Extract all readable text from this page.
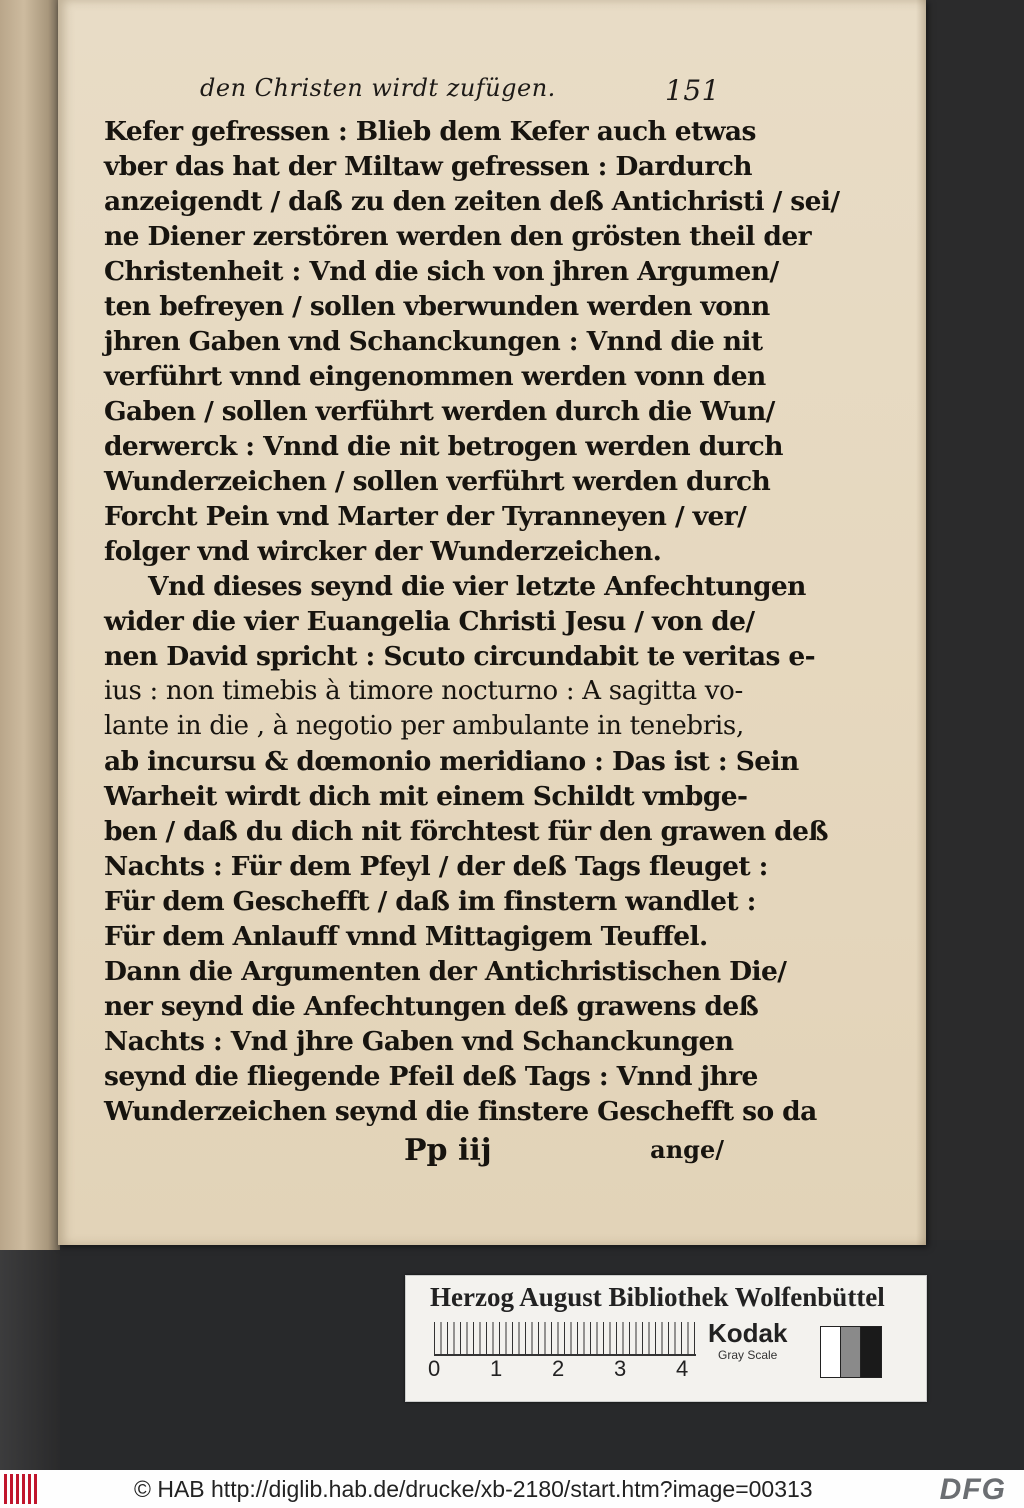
den Christen wirdt zufügen.	151
Kefer gefressen : Blieb dem Kefer auch etwas
vber das hat der Miltaw gefressen : Dardurch
anzeigendt / daß zu den zeiten deß Antichristi / sei/
ne Diener zerstören werden den grösten theil der
Christenheit : Vnd die sich von jhren Argumen/
ten befreyen / sollen vberwunden werden vonn
jhren Gaben vnd Schanckungen : Vnnd die nit
verführt vnnd eingenommen werden vonn den
Gaben / sollen verführt werden durch die Wun/
derwerck : Vnnd die nit betrogen werden durch
Wunderzeichen / sollen verführt werden durch
Forcht Pein vnd Marter der Tyranneyen / ver/
folger vnd wircker der Wunderzeichen.
Vnd dieses seynd die vier letzte Anfechtungen
wider die vier Euangelia Christi Jesu / von de/
nen David spricht : Scuto circundabit te veritas e-
ius : non timebis à timore nocturno : A sagitta vo-
lante in die , à negotio per ambulante in tenebris,
ab incursu & dœmonio meridiano : Das ist : Sein
Warheit wirdt dich mit einem Schildt vmbge-
ben / daß du dich nit förchtest für den grawen deß
Nachts : Für dem Pfeyl / der deß Tags fleuget :
Für dem Geschefft / daß im finstern wandlet :
Für dem Anlauff vnnd Mittagigem Teuffel.
Dann die Argumenten der Antichristischen Die/
ner seynd die Anfechtungen deß grawens deß
Nachts : Vnd jhre Gaben vnd Schanckungen
seynd die fliegende Pfeil deß Tags : Vnnd jhre
Wunderzeichen seynd die finstere Geschefft so da
Pp iij	ange/
Herzog August Bibliothek Wolfenbüttel
0 1 2 3 4
Kodak
Gray Scale
© HAB http://diglib.hab.de/drucke/xb-2180/start.htm?image=00313	DFG
